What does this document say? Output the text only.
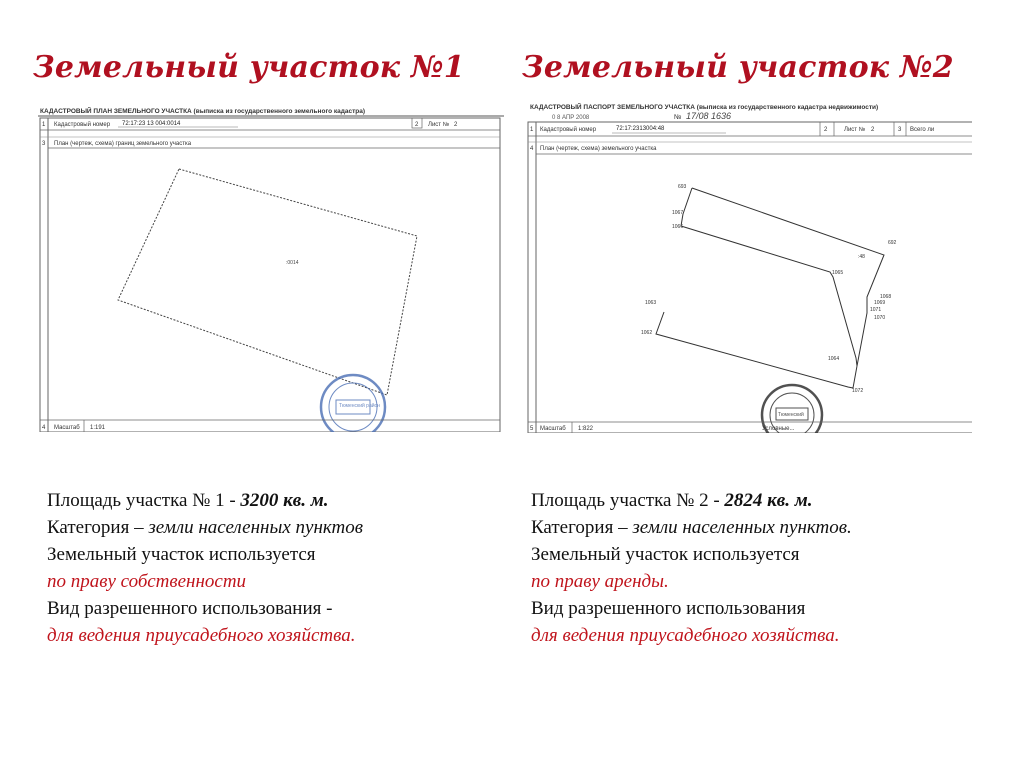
Земельный участок №1 Земельный участок №2
КАДАСТРОВЫЙ ПЛАН ЗЕМЕЛЬНОГО УЧАСТКА (выписка из государственного земельного кадастра)
1 Кадастровый номер 72:17:23 13 004:0014	2 Лист № 2
3 План (чертеж, схема) границ земельного участка
:0014
Тюменский район
4 Масштаб 1:191
КАДАСТРОВЫЙ ПАСПОРТ ЗЕМЕЛЬНОГО УЧАСТКА (выписка из государственного кадастра недвижимости)
0 8 АПР 2008	№ 17/08 1636
1 Кадастровый номер	72:17:2313004:48	2	Лист № 2	3 Всего ли
4 План (чертеж, схема) земельного участка
693
1067
1066
692
:48
1065
1068
1069
1071
1070
1063
1062
1064
1072
Тюменский
5 Масштаб 1:822	Условные...
Площадь участка № 1 - 3200 кв. м.
Категория – земли населенных пунктов
Земельный участок используется
по праву собственности
Вид разрешенного использования -
для ведения приусадебного хозяйства.
Площадь участка № 2 - 2824 кв. м.
Категория – земли населенных пунктов.
Земельный участок используется
по праву аренды.
Вид разрешенного использования
для ведения приусадебного хозяйства.
